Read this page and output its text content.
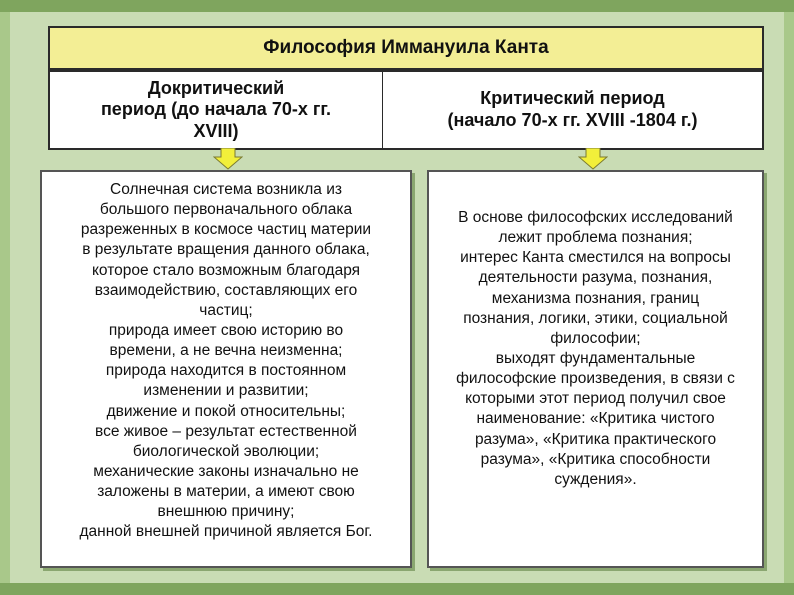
Философия Иммануила Канта
Докритический
период (до начала 70-х гг.
XVIII)
Критический период
(начало 70-х гг. XVIII -1804 г.)
Солнечная система возникла из
большого первоначального облака
разреженных в космосе частиц материи
в результате вращения данного облака,
которое стало возможным благодаря
взаимодействию, составляющих его
частиц;
природа имеет свою историю во
времени, а не вечна неизменна;
природа находится в постоянном
изменении и развитии;
движение и покой относительны;
все живое – результат естественной
биологической эволюции;
механические законы изначально не
заложены в материи, а имеют свою
внешнюю причину;
данной внешней причиной является Бог.
В основе философских исследований
лежит проблема познания;
интерес Канта сместился на вопросы
деятельности разума, познания,
механизма познания, границ
познания, логики, этики, социальной
философии;
выходят фундаментальные
философские произведения, в связи с
которыми этот период получил свое
наименование: «Критика чистого
разума», «Критика практического
разума», «Критика способности
суждения».
